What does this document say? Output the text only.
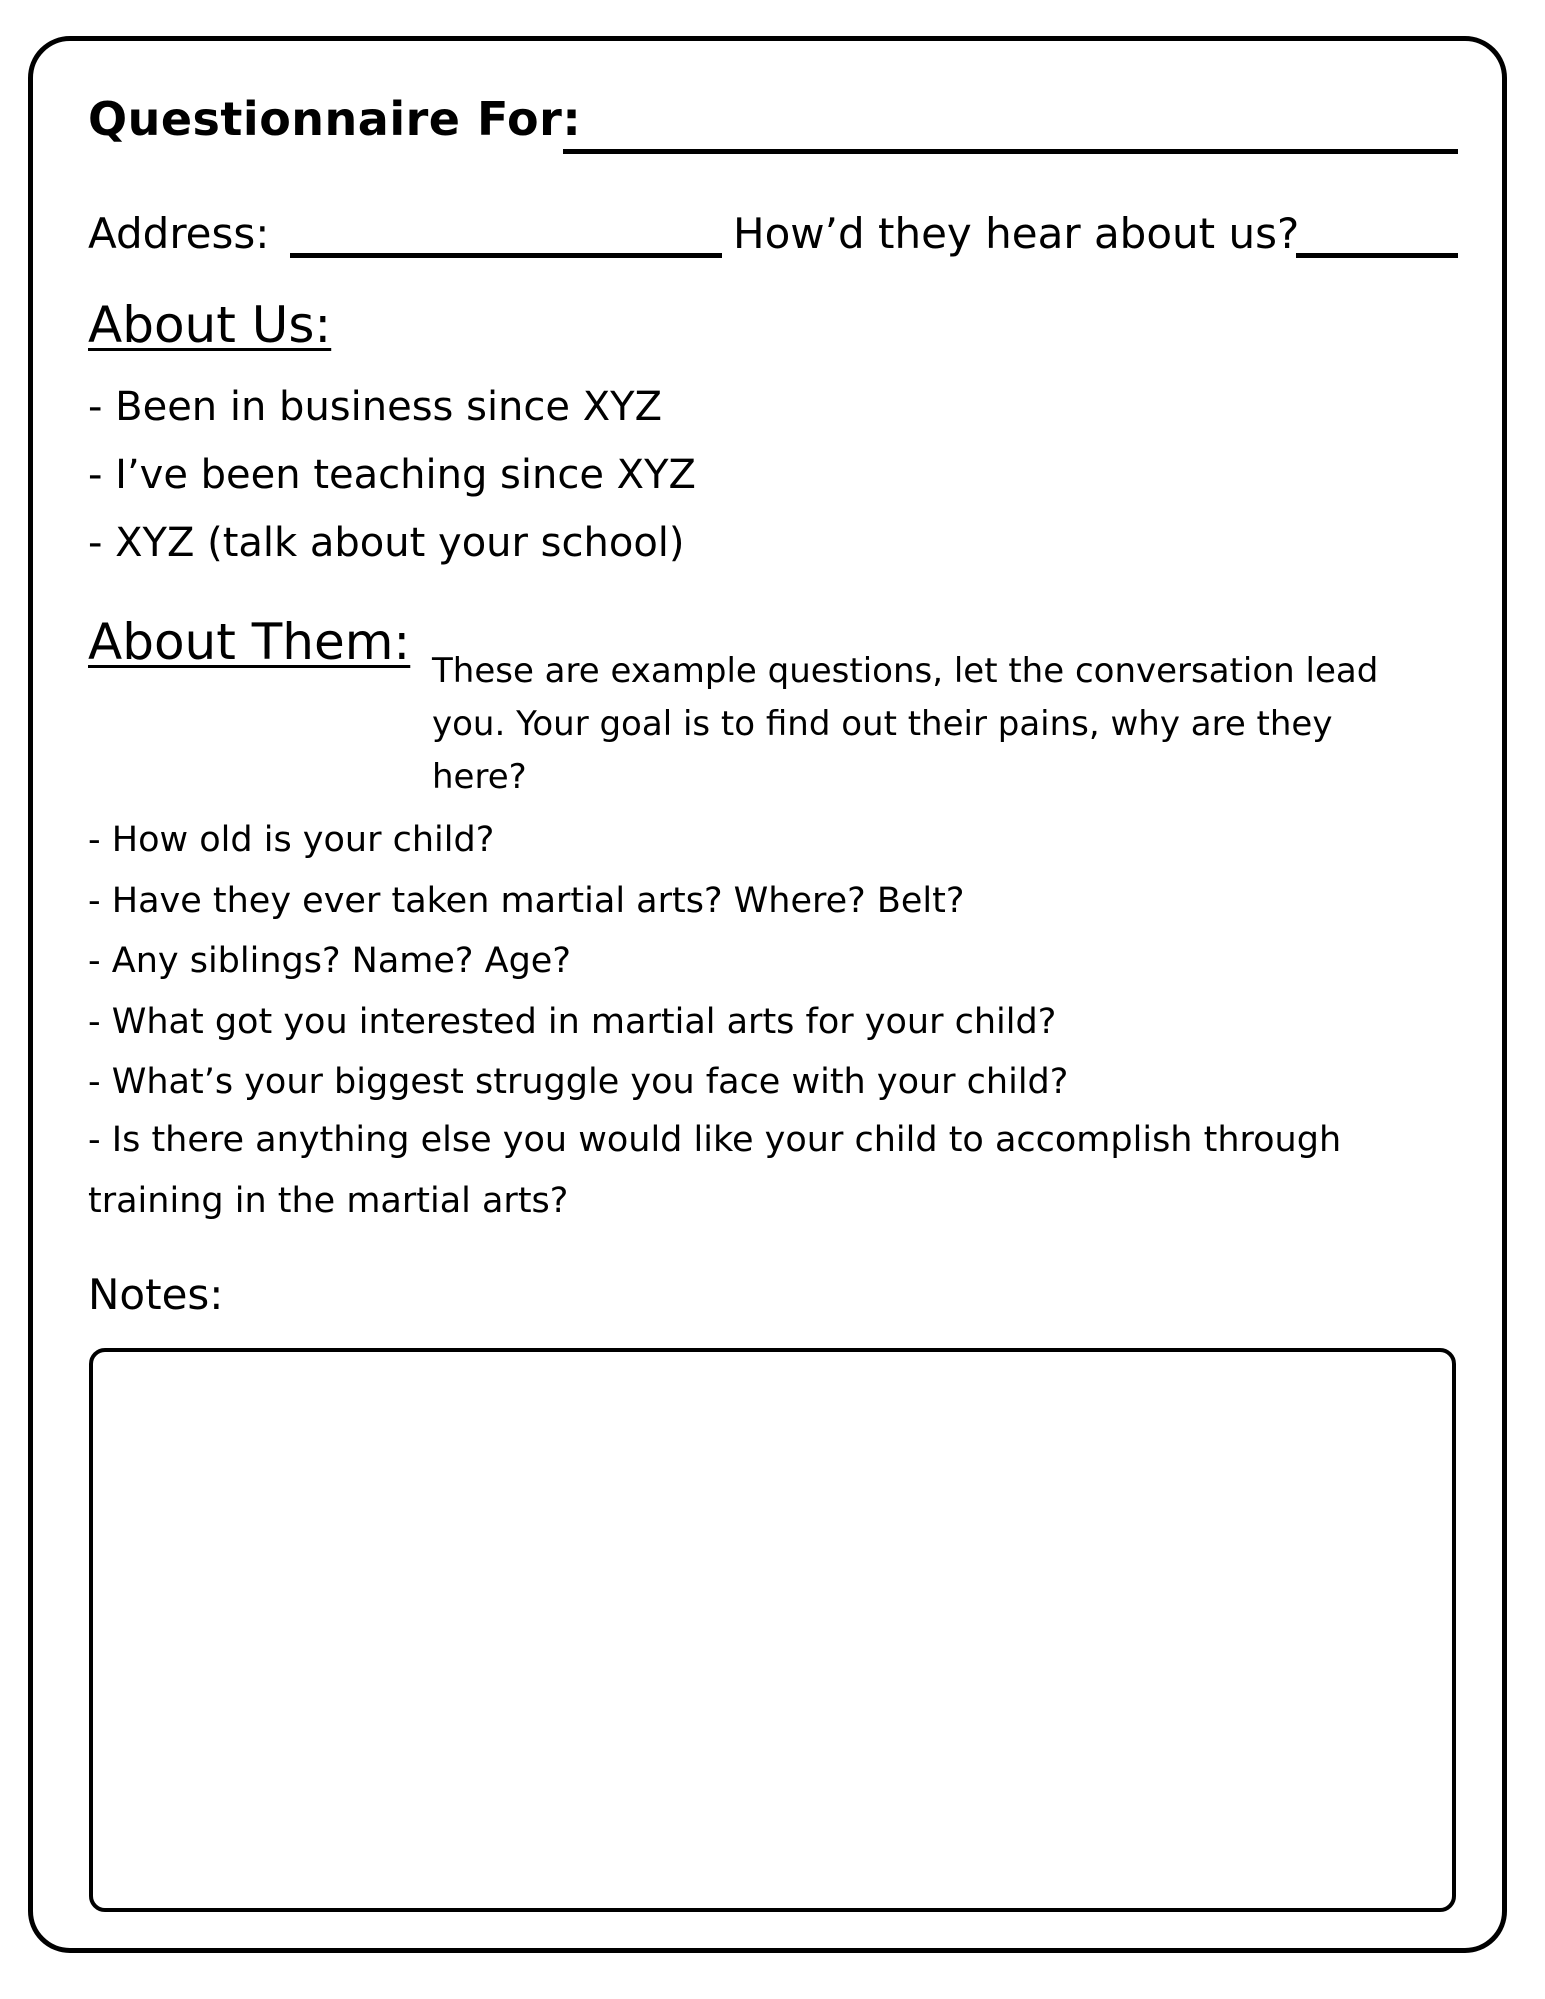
Questionnaire For:
Address:	How’d they hear about us?
About Us:
- Been in business since XYZ
- I’ve been teaching since XYZ
- XYZ (talk about your school)
About Them: These are example questions, let the conversation lead you. Your goal is to find out their pains, why are they here?
- How old is your child?
- Have they ever taken martial arts? Where? Belt?
- Any siblings? Name? Age?
- What got you interested in martial arts for your child?
- What’s your biggest struggle you face with your child?
- Is there anything else you would like your child to accomplish through training in the martial arts?
Notes:
